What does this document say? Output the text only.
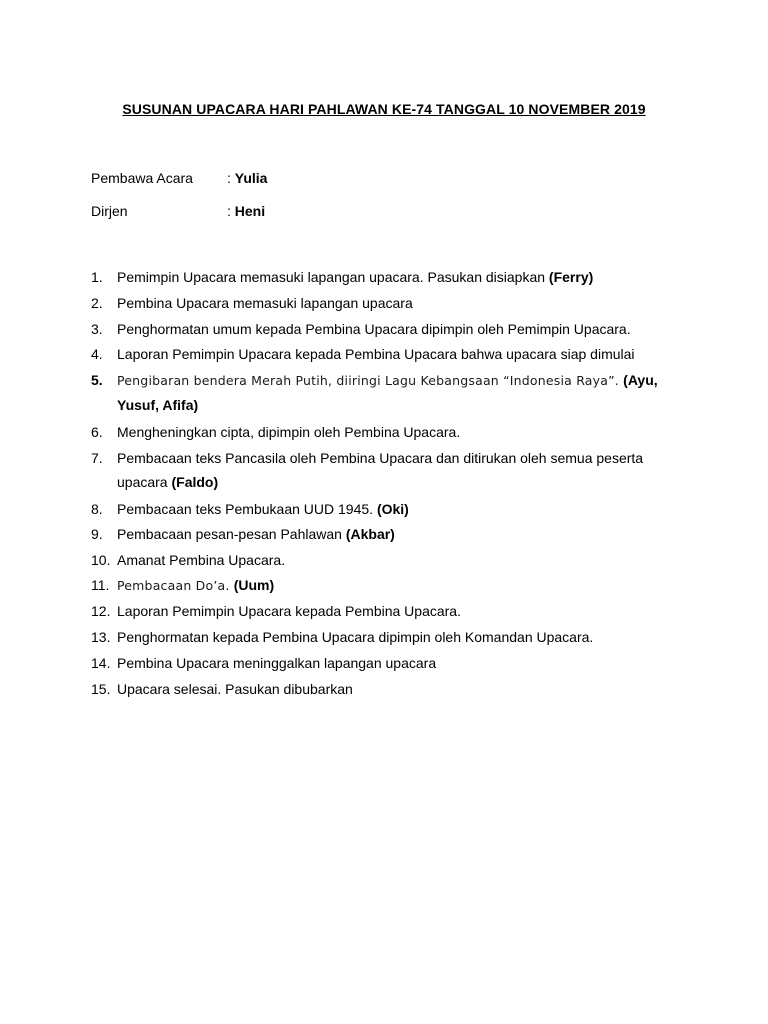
SUSUNAN UPACARA HARI PAHLAWAN KE-74 TANGGAL 10 NOVEMBER 2019
Pembawa Acara : Yulia
Dirjen	: Heni
1.	Pemimpin Upacara memasuki lapangan upacara. Pasukan disiapkan (Ferry)
2.	Pembina Upacara memasuki lapangan upacara
3.	Penghormatan umum kepada Pembina Upacara dipimpin oleh Pemimpin Upacara.
4.	Laporan Pemimpin Upacara kepada Pembina Upacara bahwa upacara siap dimulai
5.	Pengibaran bendera Merah Putih, diiringi Lagu Kebangsaan “Indonesia Raya”. (Ayu,
Yusuf, Afifa)
6.	Mengheningkan cipta, dipimpin oleh Pembina Upacara.
7.	Pembacaan teks Pancasila oleh Pembina Upacara dan ditirukan oleh semua peserta
upacara (Faldo)
8.	Pembacaan teks Pembukaan UUD 1945. (Oki)
9.	Pembacaan pesan-pesan Pahlawan (Akbar)
10. Amanat Pembina Upacara.
11. Pembacaan Do’a. (Uum)
12. Laporan Pemimpin Upacara kepada Pembina Upacara.
13. Penghormatan kepada Pembina Upacara dipimpin oleh Komandan Upacara.
14. Pembina Upacara meninggalkan lapangan upacara
15. Upacara selesai. Pasukan dibubarkan
